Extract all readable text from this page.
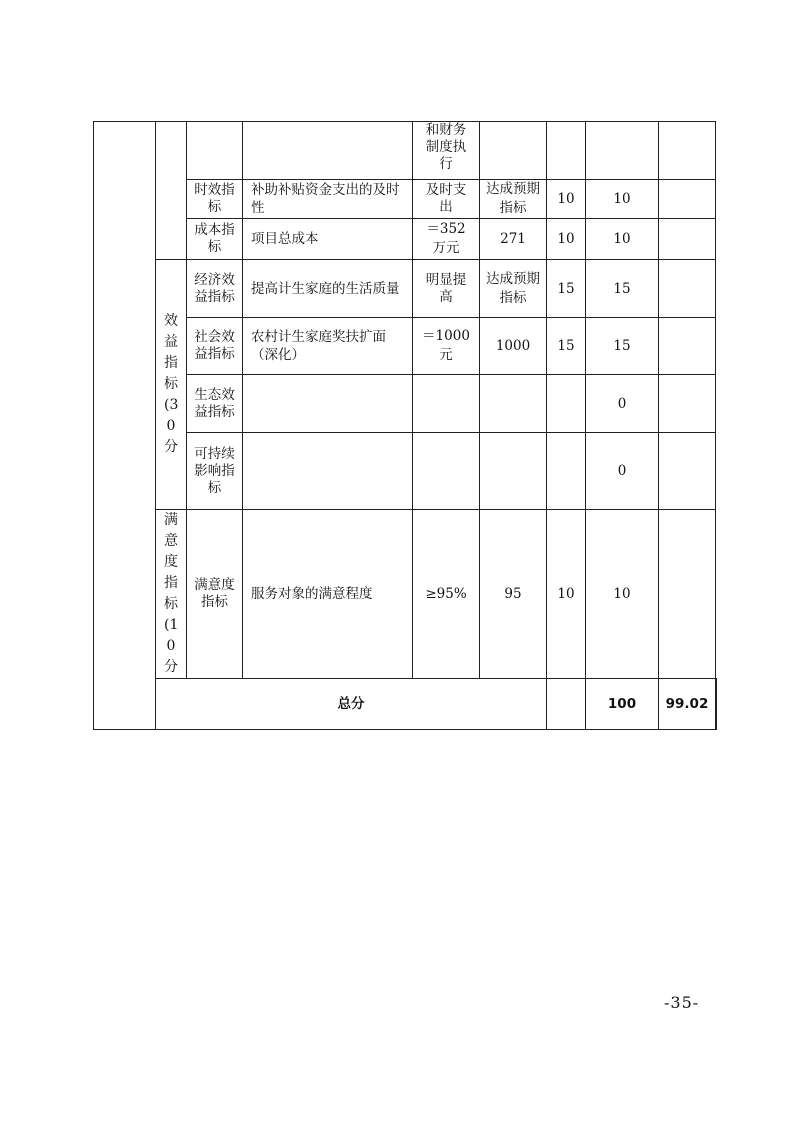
				和财务制度执行					
		时效指标	补助补贴资金支出的及时性	及时支出	达成预期指标	10	10		
		成本指标	项目总成本	＝352 万元	271	10	10		

	效益指标(30分	经济效益指标	提高计生家庭的生活质量	明显提高	达成预期指标	15	15		
		社会效益指标	农村计生家庭奖扶扩面（深化）	＝1000 元	1000	15	15		
		生态效益指标					0		
		可持续影响指标					0		

	满意度指标(10分	满意度指标	服务对象的满意程度	≥95%	95	10	10		
	总分						100	99.02	
-35-
